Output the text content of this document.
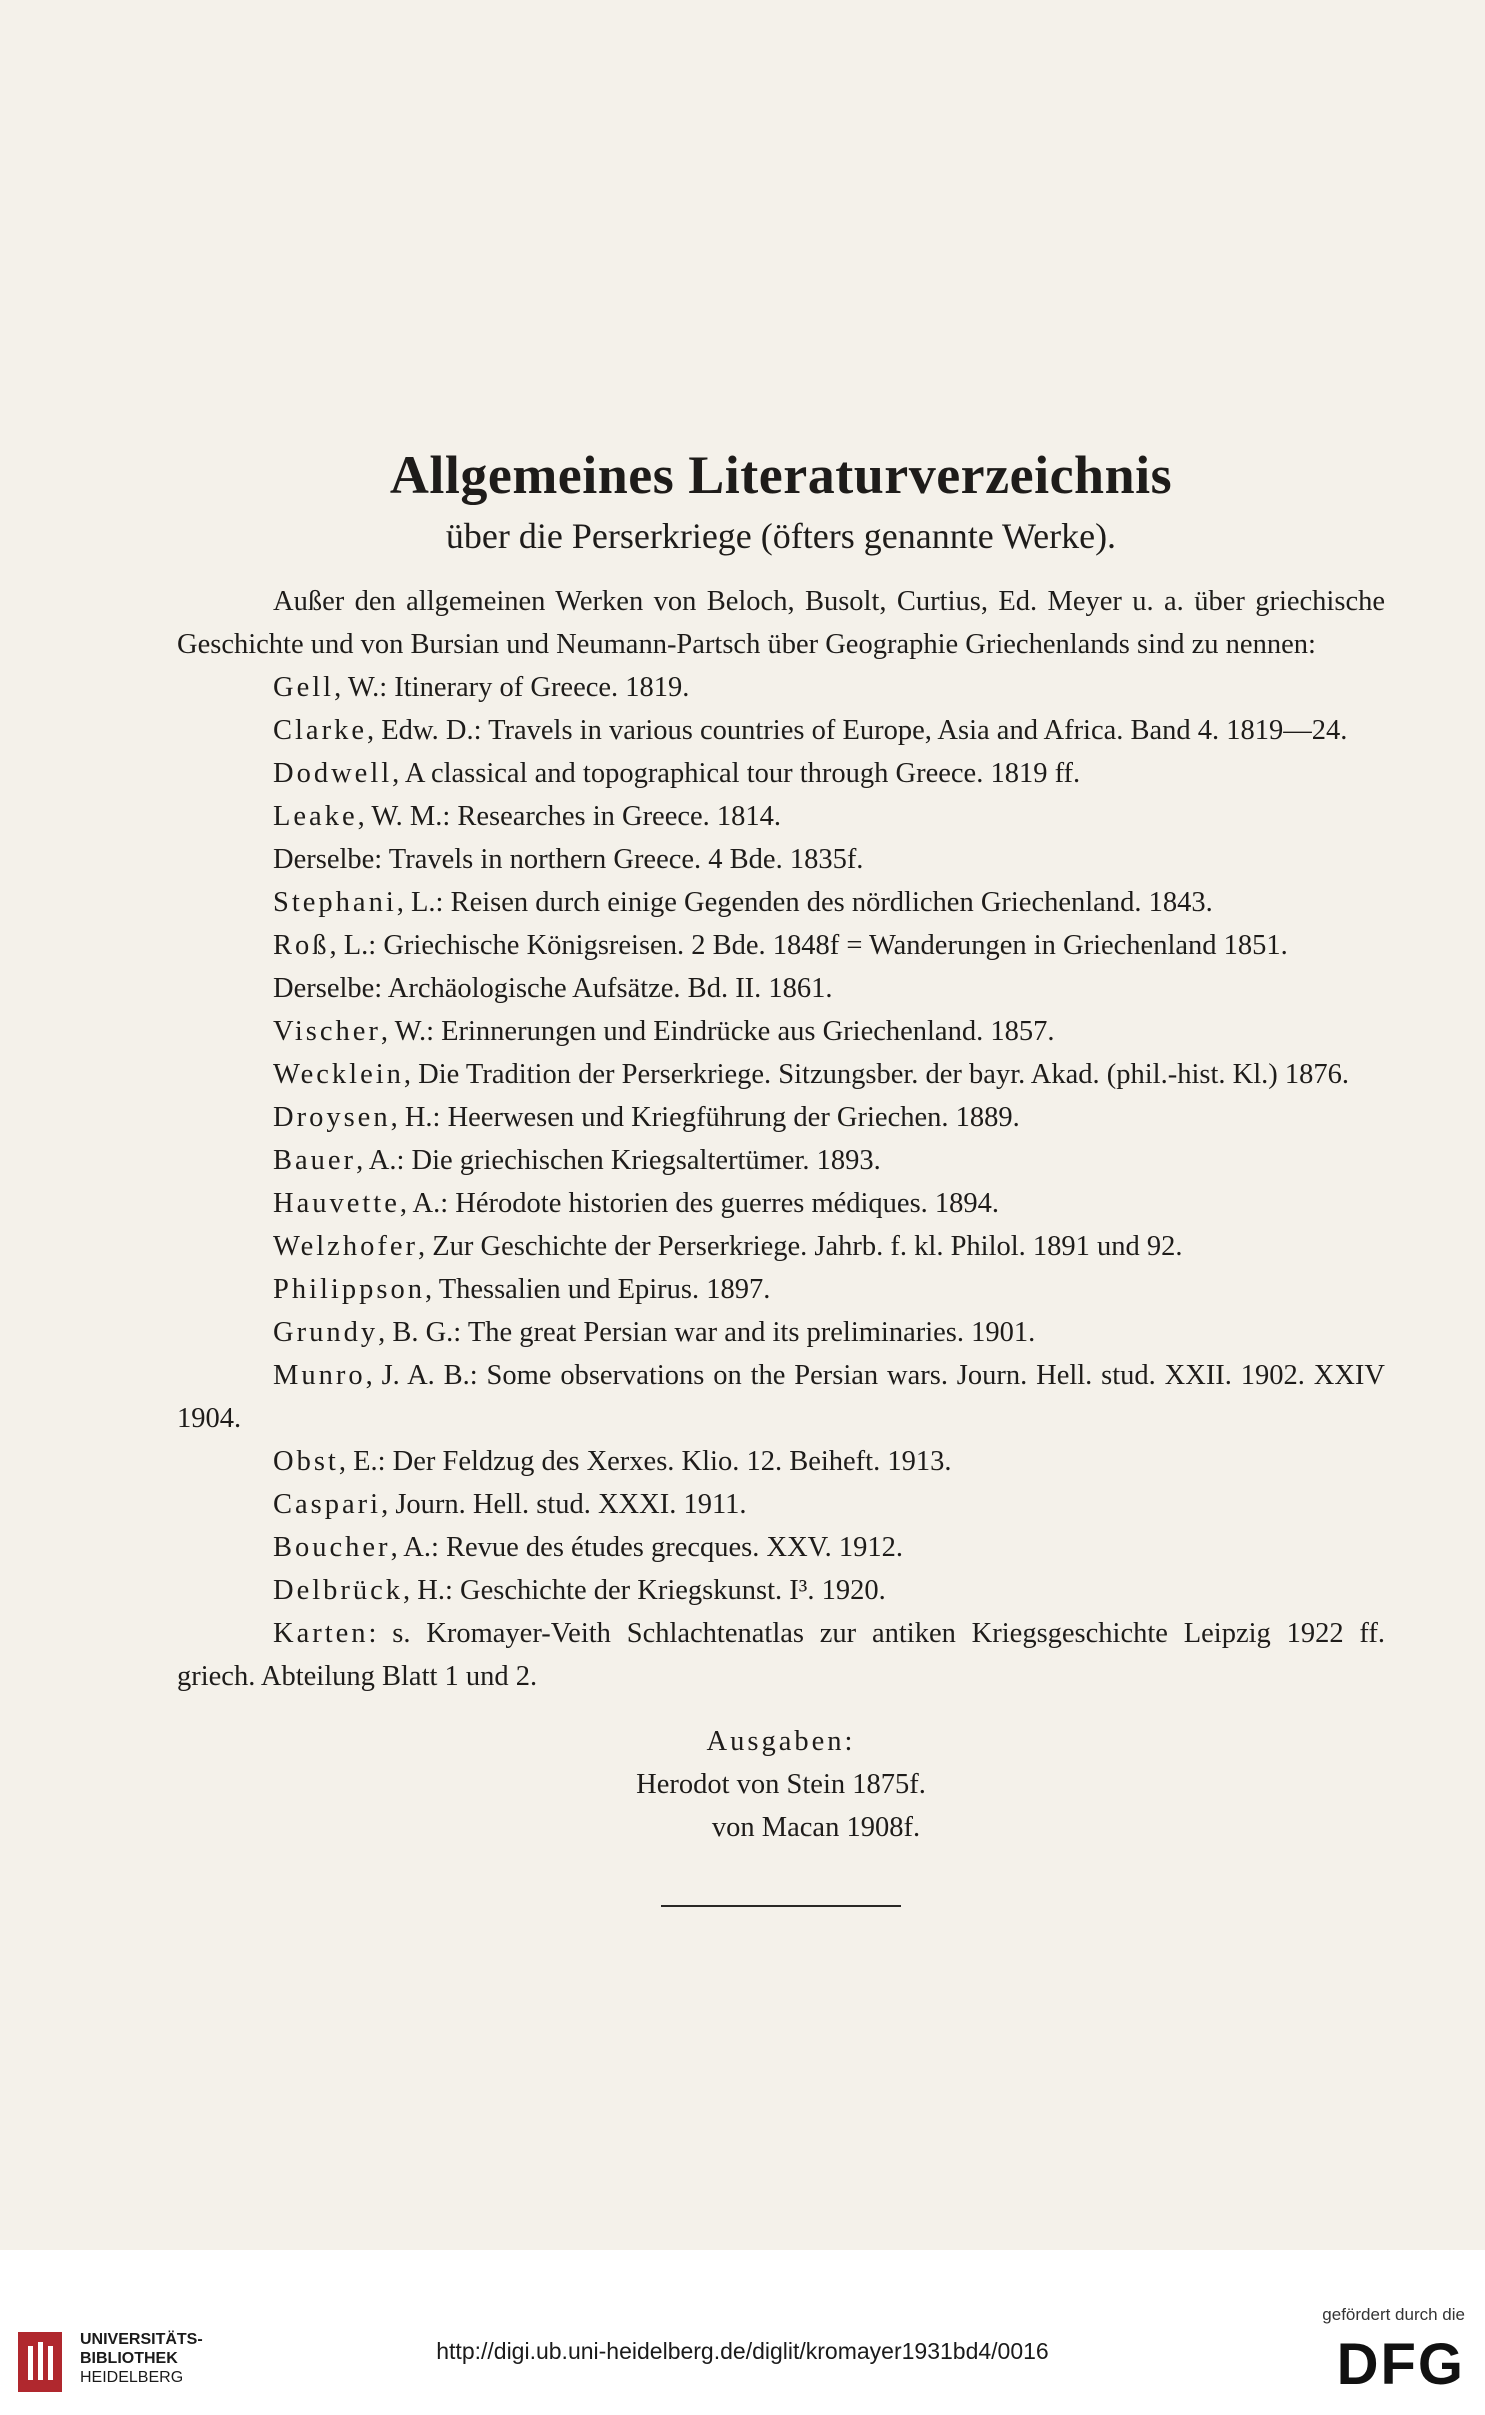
Allgemeines Literaturverzeichnis

über die Perserkriege (öfters genannte Werke).

Außer den allgemeinen Werken von Beloch, Busolt, Curtius, Ed. Meyer u. a. über griechische Geschichte und von Bursian und Neumann-Partsch über Geographie Griechenlands sind zu nennen:

Gell, W.: Itinerary of Greece. 1819.

Clarke, Edw. D.: Travels in various countries of Europe, Asia and Africa. Band 4. 1819—24.

Dodwell, A classical and topographical tour through Greece. 1819 ff.

Leake, W. M.: Researches in Greece. 1814.

Derselbe: Travels in northern Greece. 4 Bde. 1835f.

Stephani, L.: Reisen durch einige Gegenden des nördlichen Griechenland. 1843.

Roß, L.: Griechische Königsreisen. 2 Bde. 1848f = Wanderungen in Griechenland 1851.

Derselbe: Archäologische Aufsätze. Bd. II. 1861.

Vischer, W.: Erinnerungen und Eindrücke aus Griechenland. 1857.

Wecklein, Die Tradition der Perserkriege. Sitzungsber. der bayr. Akad. (phil.-hist. Kl.) 1876.

Droysen, H.: Heerwesen und Kriegführung der Griechen. 1889.

Bauer, A.: Die griechischen Kriegsaltertümer. 1893.

Hauvette, A.: Hérodote historien des guerres médiques. 1894.

Welzhofer, Zur Geschichte der Perserkriege. Jahrb. f. kl. Philol. 1891 und 92.

Philippson, Thessalien und Epirus. 1897.

Grundy, B. G.: The great Persian war and its preliminaries. 1901.

Munro, J. A. B.: Some observations on the Persian wars. Journ. Hell. stud. XXII. 1902. XXIV 1904.

Obst, E.: Der Feldzug des Xerxes. Klio. 12. Beiheft. 1913.

Caspari, Journ. Hell. stud. XXXI. 1911.

Boucher, A.: Revue des études grecques. XXV. 1912.

Delbrück, H.: Geschichte der Kriegskunst. I³. 1920.

Karten: s. Kromayer-Veith Schlachtenatlas zur antiken Kriegsgeschichte Leipzig 1922 ff. griech. Abteilung Blatt 1 und 2.

Ausgaben:
Herodot von Stein 1875f.
von Macan 1908f.
UNIVERSITÄTS-
BIBLIOTHEK
HEIDELBERG
http://digi.ub.uni-heidelberg.de/diglit/kromayer1931bd4/0016
gefördert durch die
DFG
